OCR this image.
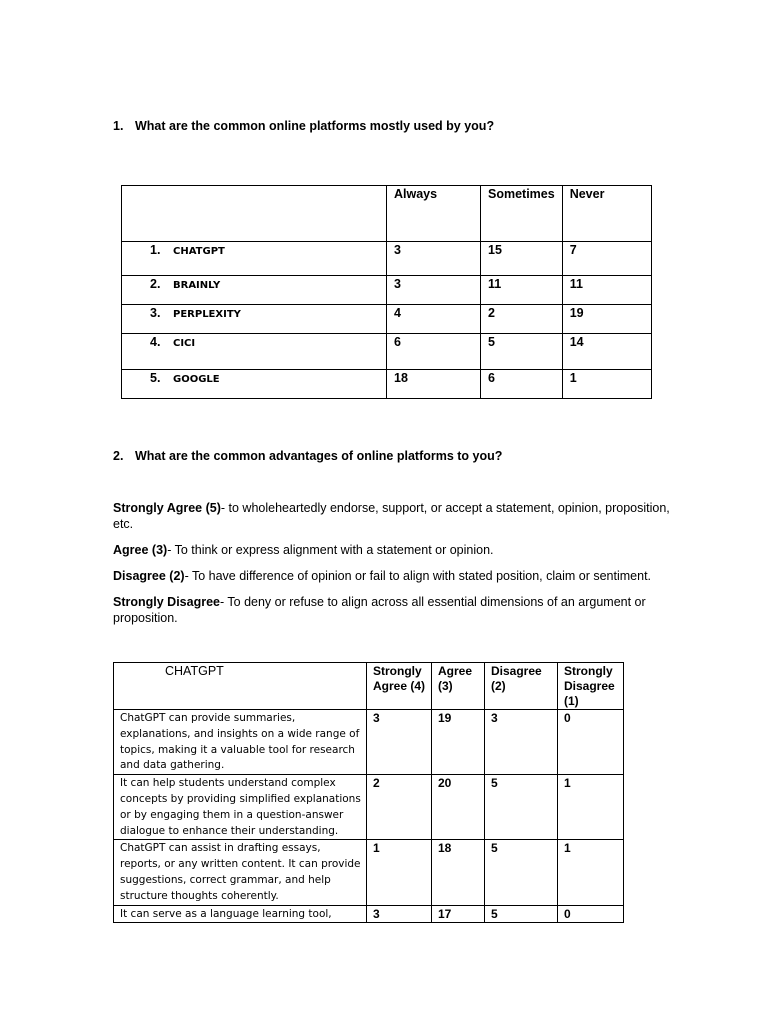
1. What are the common online platforms mostly used by you?
	Always	Sometimes	Never
1. CHATGPT	3	15	7
2. BRAINLY	3	11	11
3. PERPLEXITY	4	2	19
4. CICI	6	5	14
5. GOOGLE	18	6	1
2. What are the common advantages of online platforms to you?
Strongly Agree (5)- to wholeheartedly endorse, support, or accept a statement, opinion, proposition, etc.
Agree (3)- To think or express alignment with a statement or opinion.
Disagree (2)- To have difference of opinion or fail to align with stated position, claim or sentiment.
Strongly Disagree- To deny or refuse to align across all essential dimensions of an argument or proposition.
CHATGPT	Strongly Agree (4)	Agree (3)	Disagree (2)	Strongly Disagree (1)
ChatGPT can provide summaries, explanations, and insights on a wide range of topics, making it a valuable tool for research and data gathering.	3	19	3	0
It can help students understand complex concepts by providing simplified explanations or by engaging them in a question-answer dialogue to enhance their understanding.	2	20	5	1
ChatGPT can assist in drafting essays, reports, or any written content. It can provide suggestions, correct grammar, and help structure thoughts coherently.	1	18	5	1
It can serve as a language learning tool,	3	17	5	0
